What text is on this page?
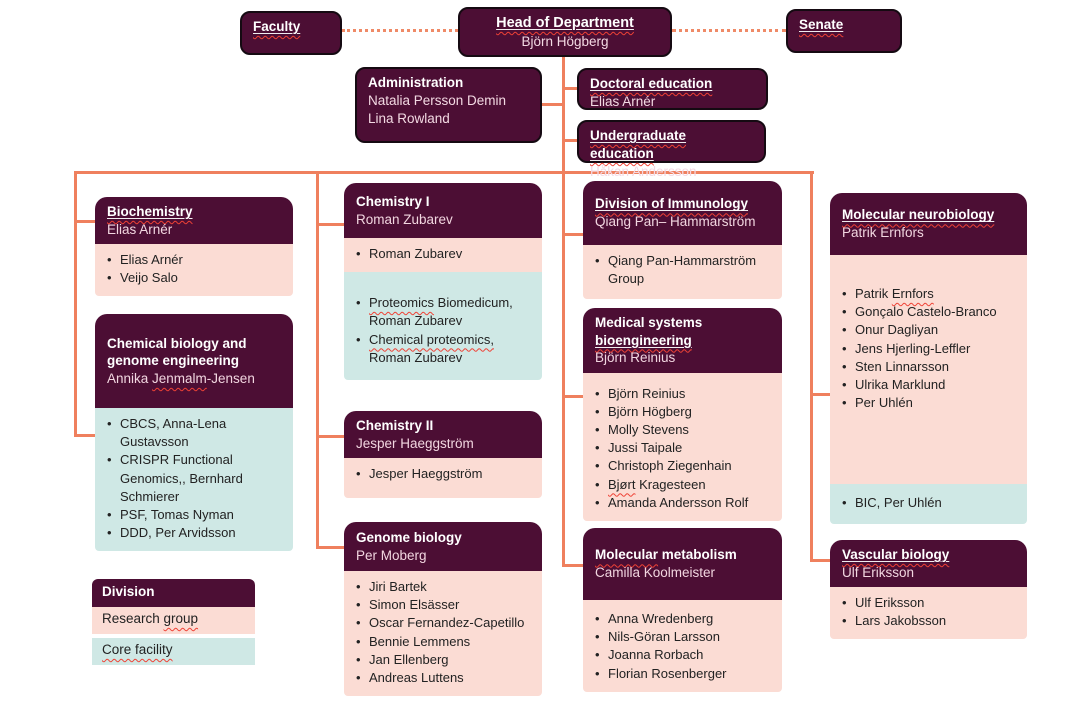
Faculty	Head of Department
Björn Högberg
Senate
Administration
Natalia Persson Demin
Lina Rowland
Doctoral education
Elias Arnér
Undergraduate education
Håkan Andersson
Biochemistry
Elias Arnér
• Elias Arnér
• Veijo Salo
Chemical biology and genome engineering
Annika Jenmalm-Jensen
• CBCS, Anna-Lena Gustavsson
• CRISPR Functional Genomics,, Bernhard Schmierer
• PSF, Tomas Nyman
• DDD, Per Arvidsson
Chemistry I
Roman Zubarev
• Roman Zubarev
• Proteomics Biomedicum, Roman Zubarev
• Chemical proteomics, Roman Zubarev
Chemistry II
Jesper Haeggström
• Jesper Haeggström
Genome biology
Per Moberg
• Jiri Bartek
• Simon Elsässer
• Oscar Fernandez-Capetillo
• Bennie Lemmens
• Jan Ellenberg
• Andreas Luttens
Division of Immunology
Qiang Pan– Hammarström
• Qiang Pan-Hammarström Group
Medical systems
bioengineering
Björn Reinius
• Björn Reinius
• Björn Högberg
• Molly Stevens
• Jussi Taipale
• Christoph Ziegenhain
• Bjørt Kragesteen
• Amanda Andersson Rolf
Molecular metabolism
Camilla Koolmeister
• Anna Wredenberg
• Nils-Göran Larsson
• Joanna Rorbach
• Florian Rosenberger
Molecular neurobiology
Patrik Ernfors
• Patrik Ernfors
• Gonçalo Castelo-Branco
• Onur Dagliyan
• Jens Hjerling-Leffler
• Sten Linnarsson
• Ulrika Marklund
• Per Uhlén
• BIC, Per Uhlén
Vascular biology
Ulf Eriksson
• Ulf Eriksson
• Lars Jakobsson
Division
Research group
Core facility
